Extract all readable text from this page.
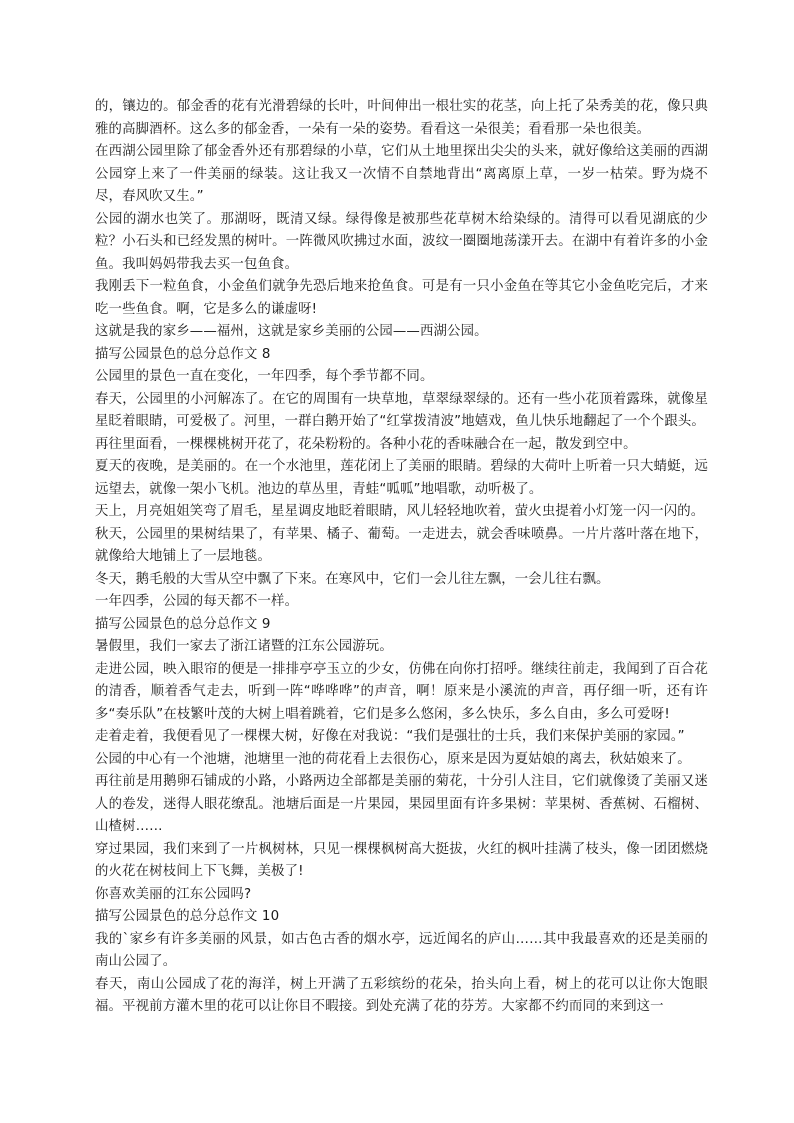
的，镶边的。郁金香的花有光滑碧绿的长叶，叶间伸出一根壮实的花茎，向上托了朵秀美的花，像只典雅的高脚酒杯。这么多的郁金香，一朵有一朵的姿势。看看这一朵很美；看看那一朵也很美。

在西湖公园里除了郁金香外还有那碧绿的小草，它们从土地里探出尖尖的头来，就好像给这美丽的西湖公园穿上来了一件美丽的绿装。这让我又一次情不自禁地背出“离离原上草，一岁一枯荣。野为烧不尽，春风吹又生。”

公园的湖水也笑了。那湖呀，既清又绿。绿得像是被那些花草树木给染绿的。清得可以看见湖底的少粒？小石头和已经发黑的树叶。一阵微风吹拂过水面，波纹一圈圈地荡漾开去。在湖中有着许多的小金鱼。我叫妈妈带我去买一包鱼食。

我刚丢下一粒鱼食，小金鱼们就争先恐后地来抢鱼食。可是有一只小金鱼在等其它小金鱼吃完后，才来吃一些鱼食。啊，它是多么的谦虚呀!

这就是我的家乡——福州，这就是家乡美丽的公园——西湖公园。

描写公园景色的总分总作文 8

公园里的景色一直在变化，一年四季，每个季节都不同。

春天，公园里的小河解冻了。在它的周围有一块草地，草翠绿翠绿的。还有一些小花顶着露珠，就像星星眨着眼睛，可爱极了。河里，一群白鹅开始了“红掌拨清波”地嬉戏，鱼儿快乐地翻起了一个个跟头。

再往里面看，一棵棵桃树开花了，花朵粉粉的。各种小花的香味融合在一起，散发到空中。

夏天的夜晚，是美丽的。在一个水池里，莲花闭上了美丽的眼睛。碧绿的大荷叶上听着一只大蜻蜓，远远望去，就像一架小飞机。池边的草丛里，青蛙“呱呱”地唱歌，动听极了。

天上，月亮姐姐笑弯了眉毛，星星调皮地眨着眼睛，风儿轻轻地吹着，萤火虫提着小灯笼一闪一闪的。

秋天，公园里的果树结果了，有苹果、橘子、葡萄。一走进去，就会香味喷鼻。一片片落叶落在地下，就像给大地铺上了一层地毯。

冬天，鹅毛般的大雪从空中飘了下来。在寒风中，它们一会儿往左飘，一会儿往右飘。

一年四季，公园的每天都不一样。

描写公园景色的总分总作文 9

暑假里，我们一家去了浙江诸暨的江东公园游玩。

走进公园，映入眼帘的便是一排排亭亭玉立的少女，仿佛在向你打招呼。继续往前走，我闻到了百合花的清香，顺着香气走去，听到一阵“哗哗哗”的声音，啊！原来是小溪流的声音，再仔细一听，还有许多“奏乐队”在枝繁叶茂的大树上唱着跳着，它们是多么悠闲，多么快乐，多么自由，多么可爱呀!

走着走着，我便看见了一棵棵大树，好像在对我说：“我们是强壮的士兵，我们来保护美丽的家园。”

公园的中心有一个池塘，池塘里一池的荷花看上去很伤心，原来是因为夏姑娘的离去，秋姑娘来了。

再往前是用鹅卵石铺成的小路，小路两边全部都是美丽的菊花，十分引人注目，它们就像烫了美丽又迷人的卷发，迷得人眼花缭乱。池塘后面是一片果园，果园里面有许多果树：苹果树、香蕉树、石榴树、山楂树……

穿过果园，我们来到了一片枫树林，只见一棵棵枫树高大挺拔，火红的枫叶挂满了枝头，像一团团燃烧的火花在树枝间上下飞舞，美极了!

你喜欢美丽的江东公园吗?

描写公园景色的总分总作文 10

我的`家乡有许多美丽的风景，如古色古香的烟水亭，远近闻名的庐山……其中我最喜欢的还是美丽的南山公园了。

春天，南山公园成了花的海洋，树上开满了五彩缤纷的花朵，抬头向上看，树上的花可以让你大饱眼福。平视前方灌木里的花可以让你目不暇接。到处充满了花的芬芳。大家都不约而同的来到这一
